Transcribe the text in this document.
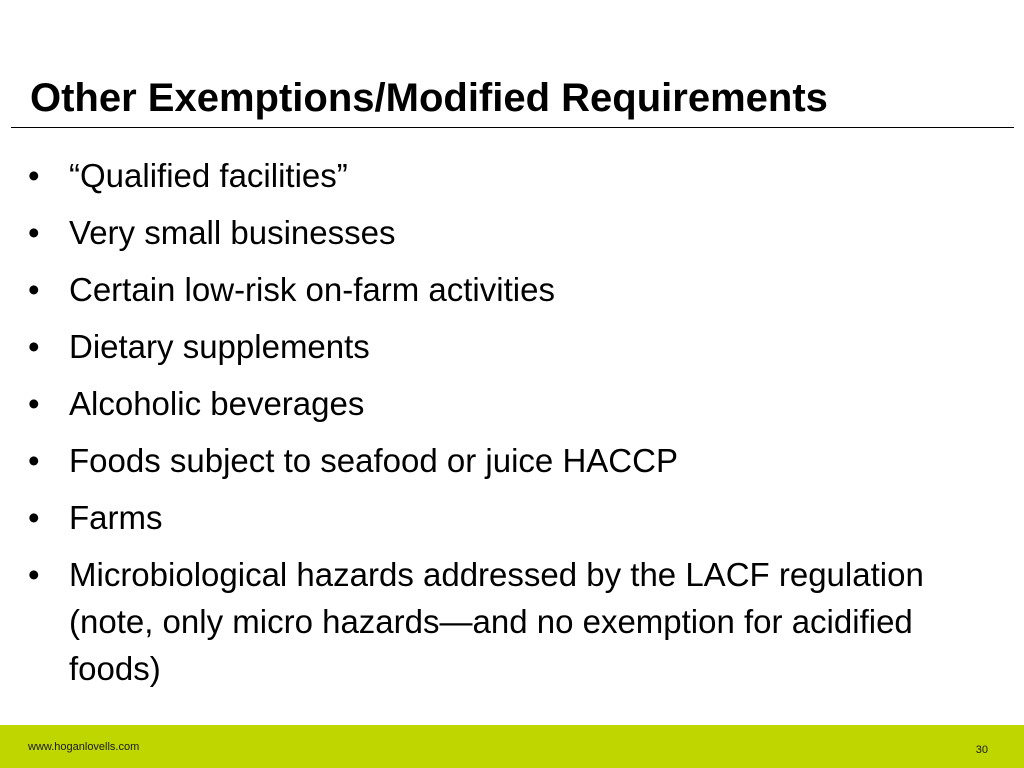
Other Exemptions/Modified Requirements
• “Qualified facilities”
• Very small businesses
• Certain low-risk on-farm activities
• Dietary supplements
• Alcoholic beverages
• Foods subject to seafood or juice HACCP
• Farms
• Microbiological hazards addressed by the LACF regulation (note, only micro hazards—and no exemption for acidified foods)
www.hoganlovells.com	30
